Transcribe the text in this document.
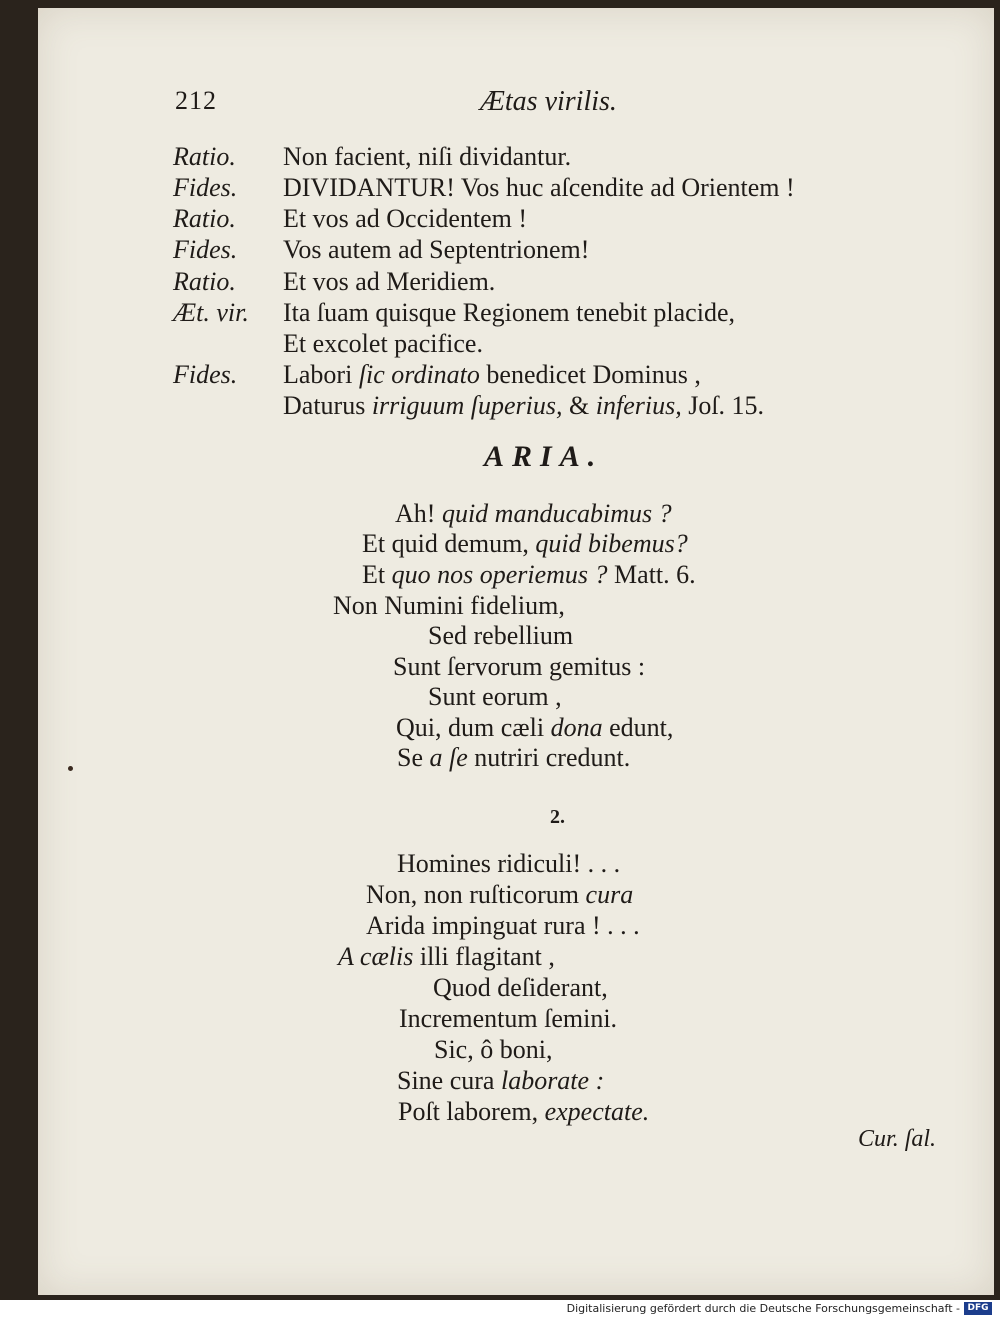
212	Ætas virilis.
Ratio. Non facient, niſi dividantur.
Fides. DIVIDANTUR! Vos huc aſcendite ad Orientem !
Ratio. Et vos ad Occidentem !
Fides. Vos autem ad Septentrionem!
Ratio. Et vos ad Meridiem.
Æt. vir. Ita ſuam quisque Regionem tenebit placide,
Et excolet pacifice.
Fides. Labori ſic ordinato benedicet Dominus ,
Daturus irriguum ſuperius, & inferius, Joſ. 15.
ARIA.
Ah! quid manducabimus ?
Et quid demum, quid bibemus?
Et quo nos operiemus ? Matt. 6.
Non Numini fidelium,
Sed rebellium
Sunt ſervorum gemitus :
Sunt eorum ,
Qui, dum cæli dona edunt,
Se a ſe nutriri credunt.
2.
Homines ridiculi! . . .
Non, non ruſticorum cura
Arida impinguat rura ! . . .
A cælis illi flagitant ,
Quod deſiderant,
Incrementum ſemini.
Sic, ô boni,
Sine cura laborate :
Poſt laborem, expectate.
Cur. ſal.
Digitalisierung gefördert durch die Deutsche Forschungsgemeinschaft - DFG
